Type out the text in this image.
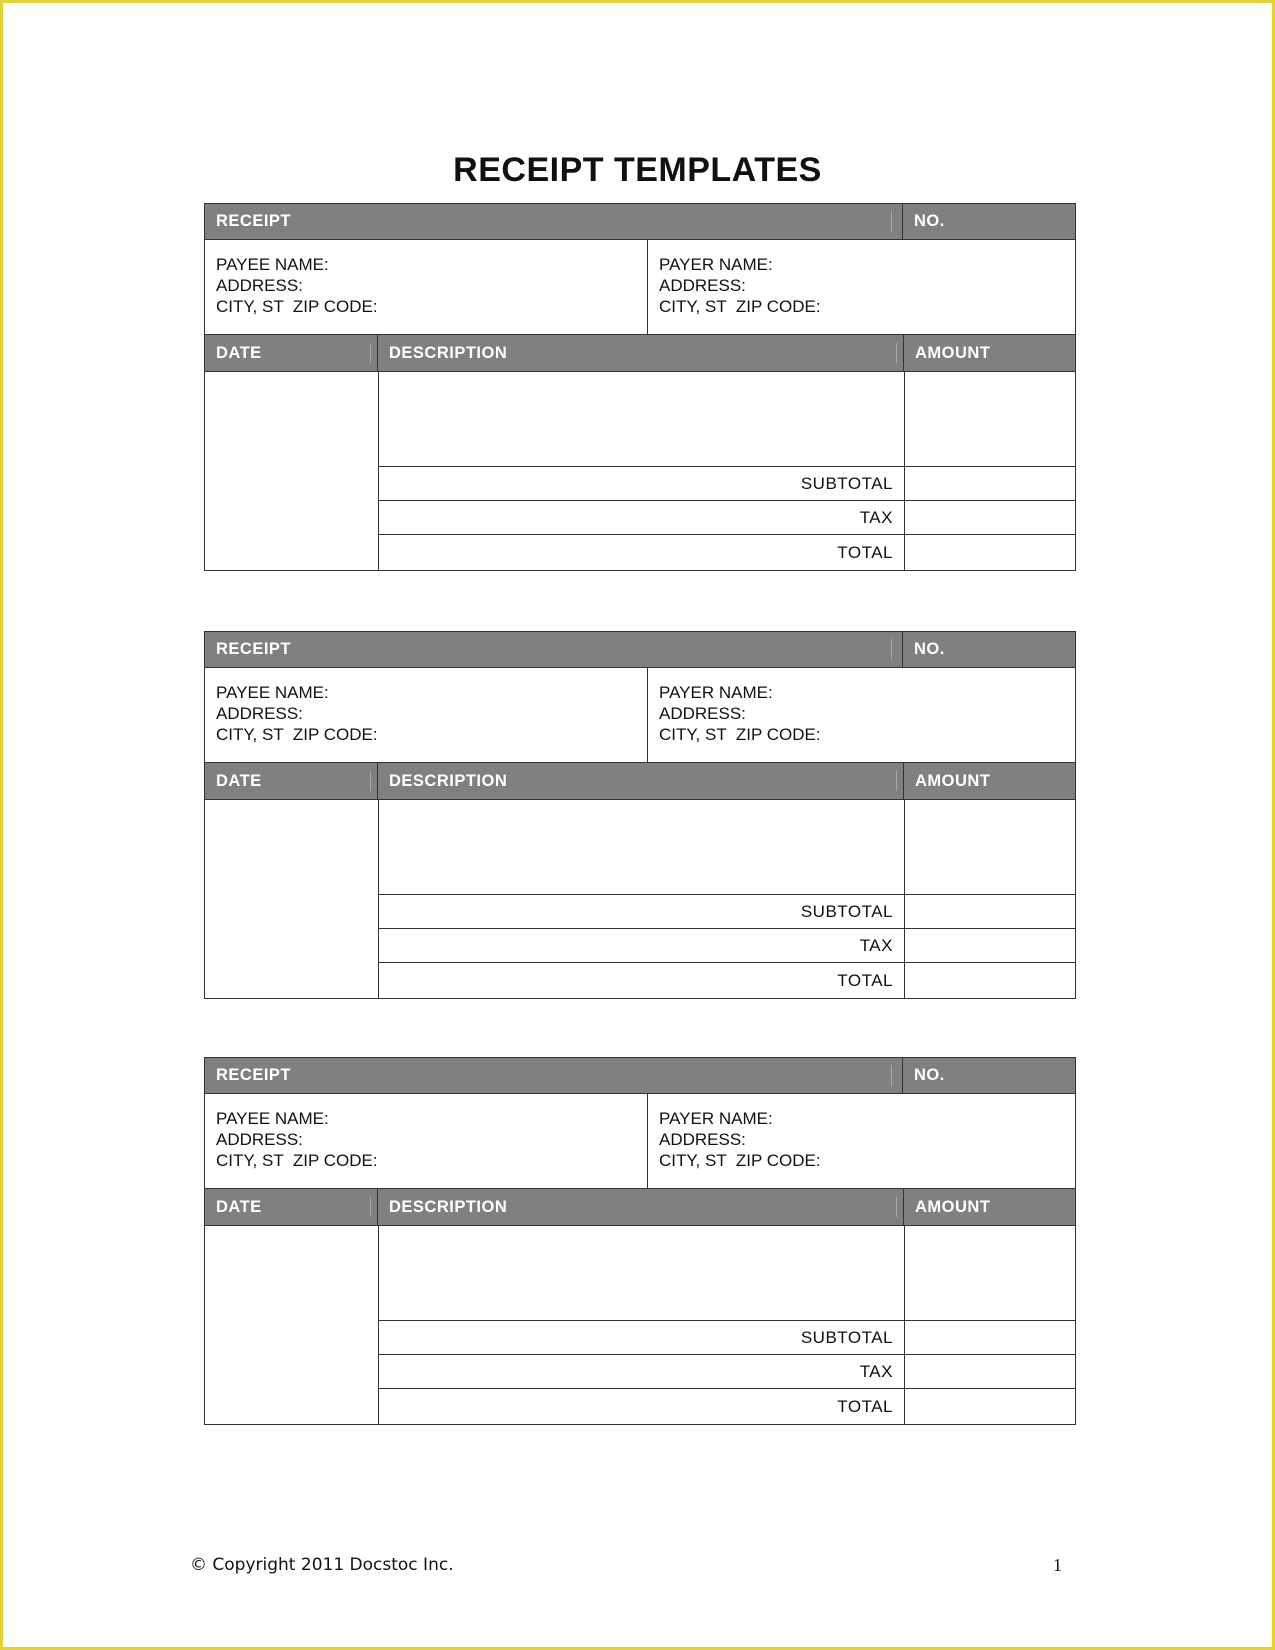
RECEIPT TEMPLATES
RECEIPT	NO.
PAYEE NAME:
ADDRESS:
CITY, ST  ZIP CODE:
PAYER NAME:
ADDRESS:
CITY, ST  ZIP CODE:
DATE	DESCRIPTION	AMOUNT
SUBTOTAL
TAX
TOTAL
RECEIPT	NO.
PAYEE NAME:
ADDRESS:
CITY, ST  ZIP CODE:
PAYER NAME:
ADDRESS:
CITY, ST  ZIP CODE:
DATE	DESCRIPTION	AMOUNT
SUBTOTAL
TAX
TOTAL
RECEIPT	NO.
PAYEE NAME:
ADDRESS:
CITY, ST  ZIP CODE:
PAYER NAME:
ADDRESS:
CITY, ST  ZIP CODE:
DATE	DESCRIPTION	AMOUNT
SUBTOTAL
TAX
TOTAL
© Copyright 2011 Docstoc Inc.	1
